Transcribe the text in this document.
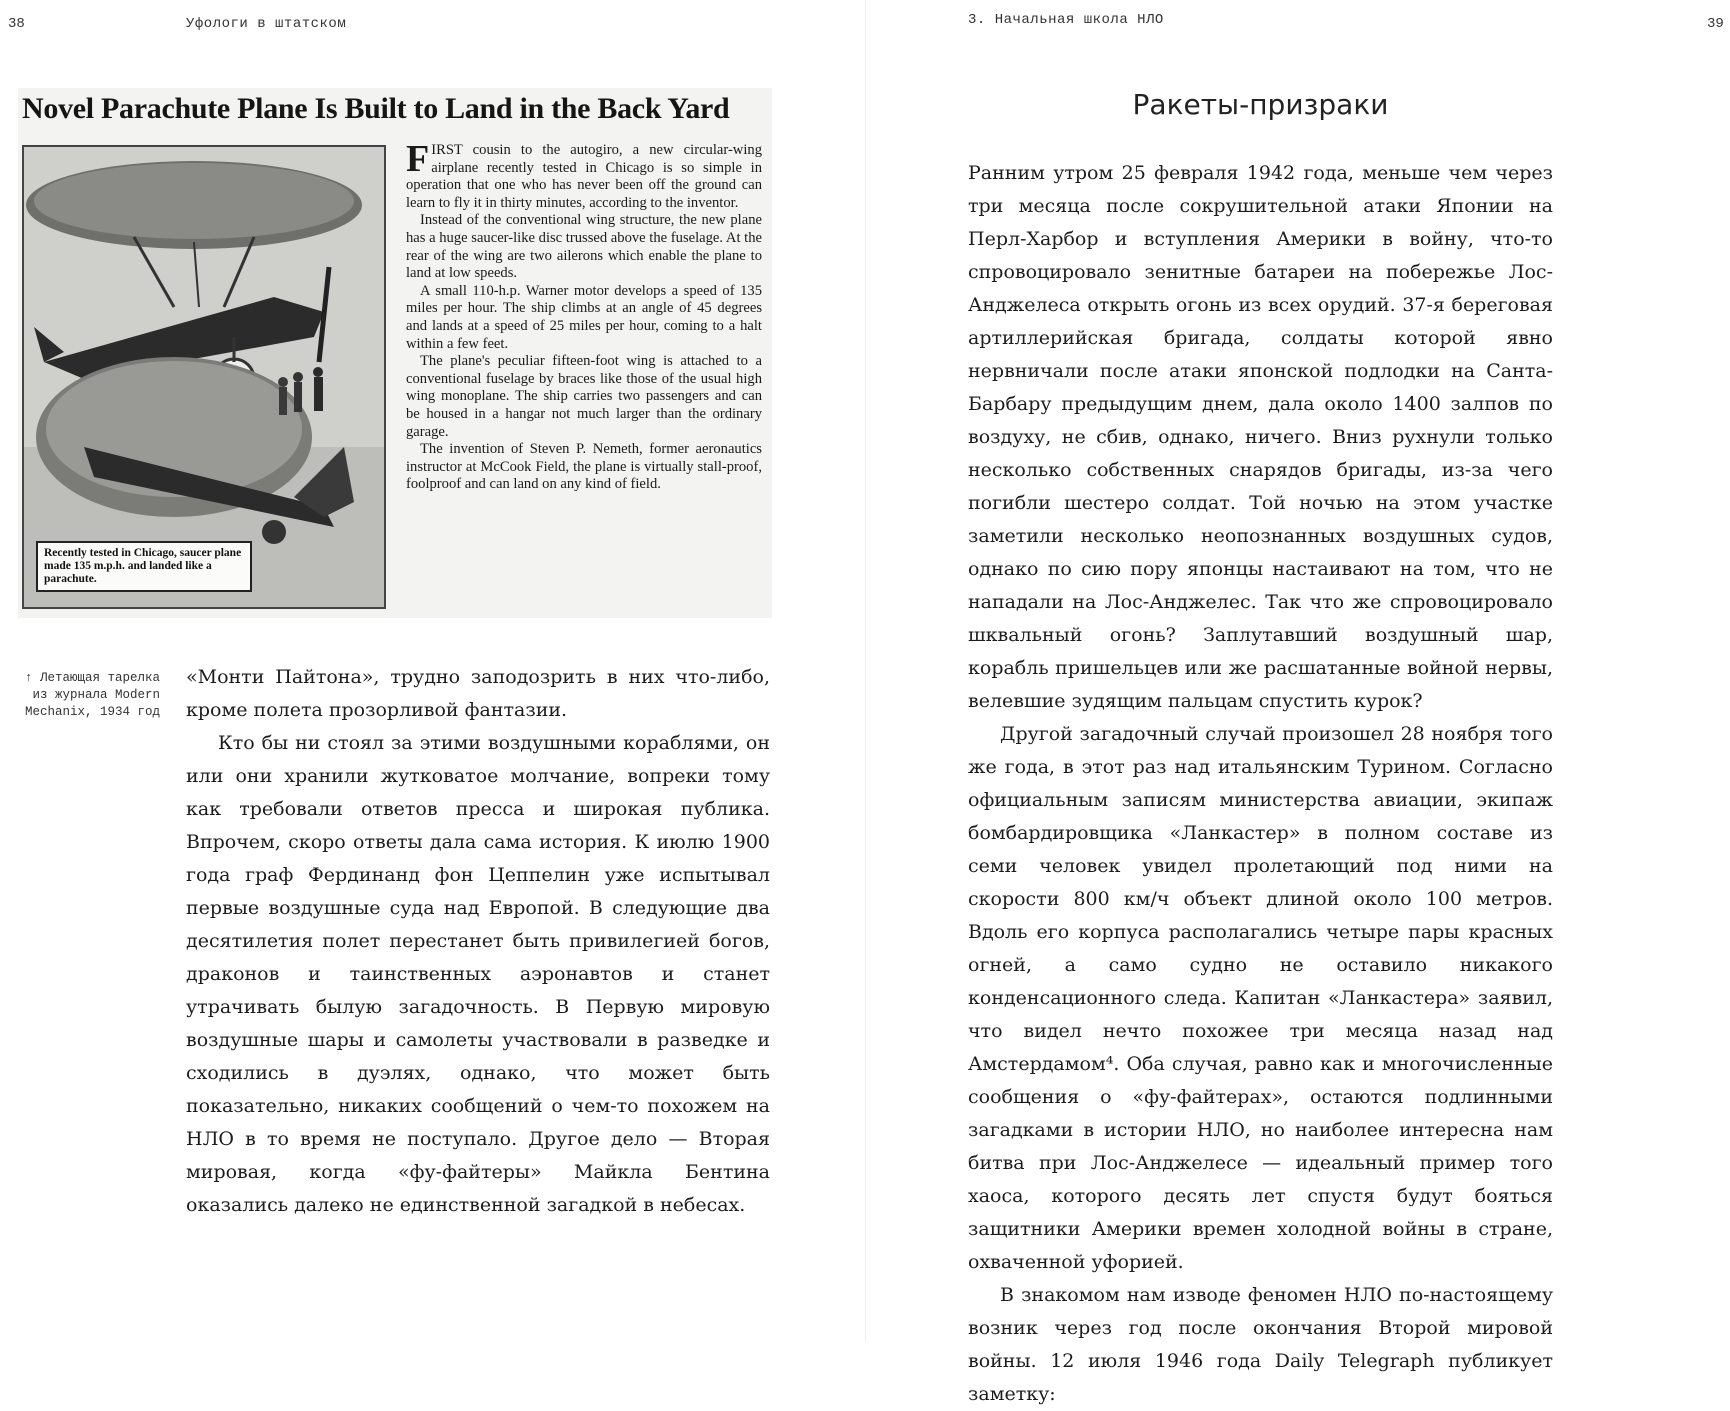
38	Уфологи в штатском	3. Начальная школа НЛО	39
Novel Parachute Plane Is Built to Land in the Back Yard
Recently tested in Chicago, saucer plane made 135 m.p.h. and landed like a parachute.

FIRST cousin to the autogiro, a new circular-wing airplane recently tested in Chicago is so simple in operation that one who has never been off the ground can learn to fly it in thirty minutes, according to the inventor.

Instead of the conventional wing structure, the new plane has a huge saucer-like disc trussed above the fuselage. At the rear of the wing are two ailerons which enable the plane to land at low speeds.

A small 110-h.p. Warner motor develops a speed of 135 miles per hour. The ship climbs at an angle of 45 degrees and lands at a speed of 25 miles per hour, coming to a halt within a few feet.

The plane's peculiar fifteen-foot wing is attached to a conventional fuselage by braces like those of the usual high wing monoplane. The ship carries two passengers and can be housed in a hangar not much larger than the ordinary garage.

The invention of Steven P. Nemeth, former aeronautics instructor at McCook Field, the plane is virtually stall-proof, foolproof and can land on any kind of field.

↑ Летающая тарелка из журнала Modern Mechanix, 1934 год

«Монти Пайтона», трудно заподозрить в них что-либо, кроме полета прозорливой фантазии.

Кто бы ни стоял за этими воздушными кораблями, он или они хранили жутковатое молчание, вопреки тому как требовали ответов пресса и широкая публика. Впрочем, скоро ответы дала сама история. К июлю 1900 года граф Фердинанд фон Цеппелин уже испытывал первые воздушные суда над Европой. В следующие два десятилетия полет перестанет быть привилегией богов, драконов и таинственных аэронавтов и станет утрачивать былую загадочность. В Первую мировую воздушные шары и самолеты участвовали в разведке и сходились в дуэлях, однако, что может быть показательно, никаких сообщений о чем-то похожем на НЛО в то время не поступало. Другое дело — Вторая мировая, когда «фу-файтеры» Майкла Бентина оказались далеко не единственной загадкой в небесах.

Ракеты-призраки

Ранним утром 25 февраля 1942 года, меньше чем через три месяца после сокрушительной атаки Японии на Перл-Харбор и вступления Америки в войну, что-то спровоцировало зенитные батареи на побережье Лос-Анджелеса открыть огонь из всех орудий. 37-я береговая артиллерийская бригада, солдаты которой явно нервничали после атаки японской подлодки на Санта-Барбару предыдущим днем, дала около 1400 залпов по воздуху, не сбив, однако, ничего. Вниз рухнули только несколько собственных снарядов бригады, из-за чего погибли шестеро солдат. Той ночью на этом участке заметили несколько неопознанных воздушных судов, однако по сию пору японцы настаивают на том, что не нападали на Лос-Анджелес. Так что же спровоцировало шквальный огонь? Заплутавший воздушный шар, корабль пришельцев или же расшатанные войной нервы, велевшие зудящим пальцам спустить курок?

Другой загадочный случай произошел 28 ноября того же года, в этот раз над итальянским Турином. Согласно официальным записям министерства авиации, экипаж бомбардировщика «Ланкастер» в полном составе из семи человек увидел пролетающий под ними на скорости 800 км/ч объект длиной около 100 метров. Вдоль его корпуса располагались четыре пары красных огней, а само судно не оставило никакого конденсационного следа. Капитан «Ланкастера» заявил, что видел нечто похожее три месяца назад над Амстердамом⁴. Оба случая, равно как и многочисленные сообщения о «фу-файтерах», остаются подлинными загадками в истории НЛО, но наиболее интересна нам битва при Лос-Анджелесе — идеальный пример того хаоса, которого десять лет спустя будут бояться защитники Америки времен холодной войны в стране, охваченной уфорией.

В знакомом нам изводе феномен НЛО по-настоящему возник через год после окончания Второй мировой войны. 12 июля 1946 года Daily Telegraph публикует заметку:
